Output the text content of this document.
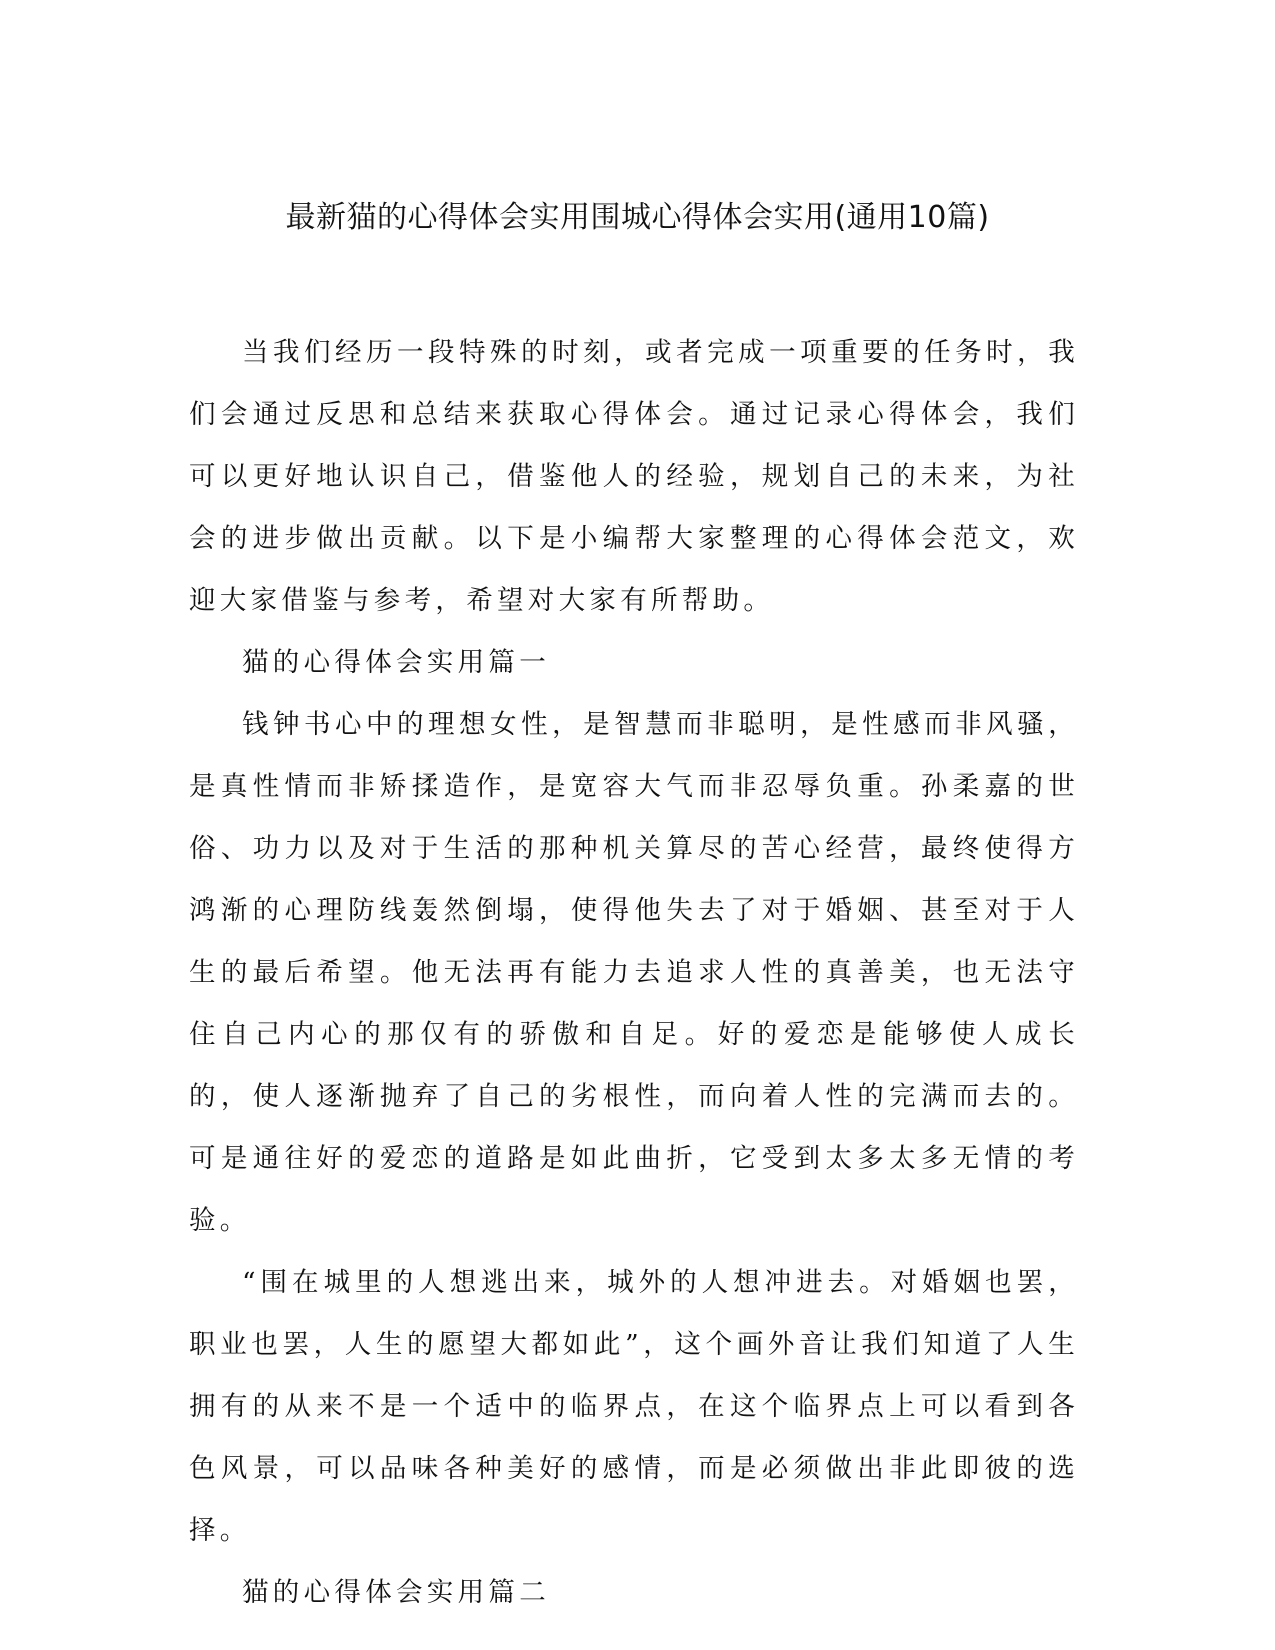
最新猫的心得体会实用围城心得体会实用(通用10篇)

当我们经历一段特殊的时刻，或者完成一项重要的任务时，我们会通过反思和总结来获取心得体会。通过记录心得体会，我们可以更好地认识自己，借鉴他人的经验，规划自己的未来，为社会的进步做出贡献。以下是小编帮大家整理的心得体会范文，欢迎大家借鉴与参考，希望对大家有所帮助。

猫的心得体会实用篇一

钱钟书心中的理想女性，是智慧而非聪明，是性感而非风骚，是真性情而非矫揉造作，是宽容大气而非忍辱负重。孙柔嘉的世俗、功力以及对于生活的那种机关算尽的苦心经营，最终使得方鸿渐的心理防线轰然倒塌，使得他失去了对于婚姻、甚至对于人生的最后希望。他无法再有能力去追求人性的真善美，也无法守住自己内心的那仅有的骄傲和自足。好的爱恋是能够使人成长的，使人逐渐抛弃了自己的劣根性，而向着人性的完满而去的。可是通往好的爱恋的道路是如此曲折，它受到太多太多无情的考验。

“围在城里的人想逃出来，城外的人想冲进去。对婚姻也罢，职业也罢，人生的愿望大都如此”，这个画外音让我们知道了人生拥有的从来不是一个适中的临界点，在这个临界点上可以看到各色风景，可以品味各种美好的感情，而是必须做出非此即彼的选择。

猫的心得体会实用篇二
